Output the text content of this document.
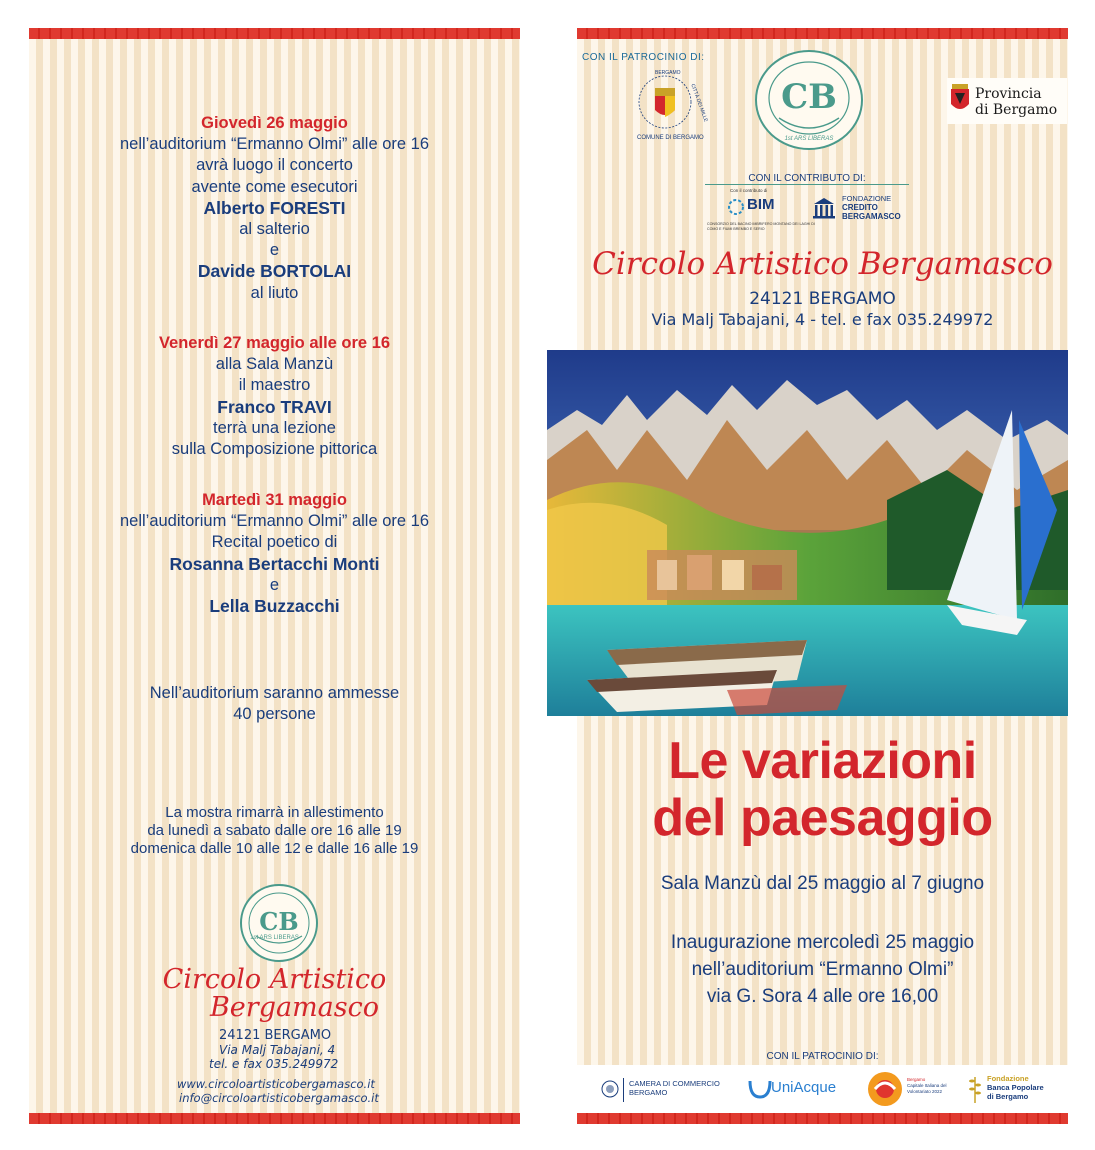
Giovedì 26 maggio

nell’auditorium “Ermanno Olmi” alle ore 16

avrà luogo il concerto

avente come esecutori

Alberto FORESTI

al salterio

e

Davide BORTOLAI

al liuto

Venerdì 27 maggio alle ore 16

alla Sala Manzù

il maestro

Franco TRAVI

terrà una lezione

sulla Composizione pittorica

Martedì 31 maggio

nell’auditorium “Ermanno Olmi” alle ore 16

Recital poetico di

Rosanna Bertacchi Monti

e

Lella Buzzacchi

Nell’auditorium saranno ammesse

40 persone

La mostra rimarrà in allestimento

da lunedì a sabato dalle ore 16 alle 19

domenica dalle 10 alle 12 e dalle 16 alle 19

CB
1st ARS LIBERAS
Circolo Artistico
Bergamasco
24121 BERGAMO
Via Malj Tabajani, 4
tel. e fax 035.249972
www.circoloartisticobergamasco.it
info@circoloartisticobergamasco.it
CON IL PATROCINIO DI:
BERGAMO
CITTÀ DEI MILLE
COMUNE DI BERGAMO
CB
1st ARS LIBERAS
Provincia
di Bergamo
CON IL CONTRIBUTO DI:
Con il contributo di
BIM
CONSORZIO DEL BACINO IMBRIFERO MONTANO DEI LAGHI DI COMO E FIUMI BREMBO E SERIO
FONDAZIONE
CREDITO
BERGAMASCO
Circolo Artistico Bergamasco
24121 BERGAMO
Via Malj Tabajani, 4 - tel. e fax 035.249972
Le variazioni
del paesaggio
Sala Manzù dal 25 maggio al 7 giugno
Inaugurazione mercoledì 25 maggio
nell’auditorium “Ermanno Olmi”
via G. Sora 4 alle ore 16,00
CON IL PATROCINIO DI:
CAMERA DI COMMERCIO
BERGAMO	UniAcque	Bergamo
Capitale Italiana del
Volontariato 2022
Fondazione
Banca Popolare
di Bergamo
